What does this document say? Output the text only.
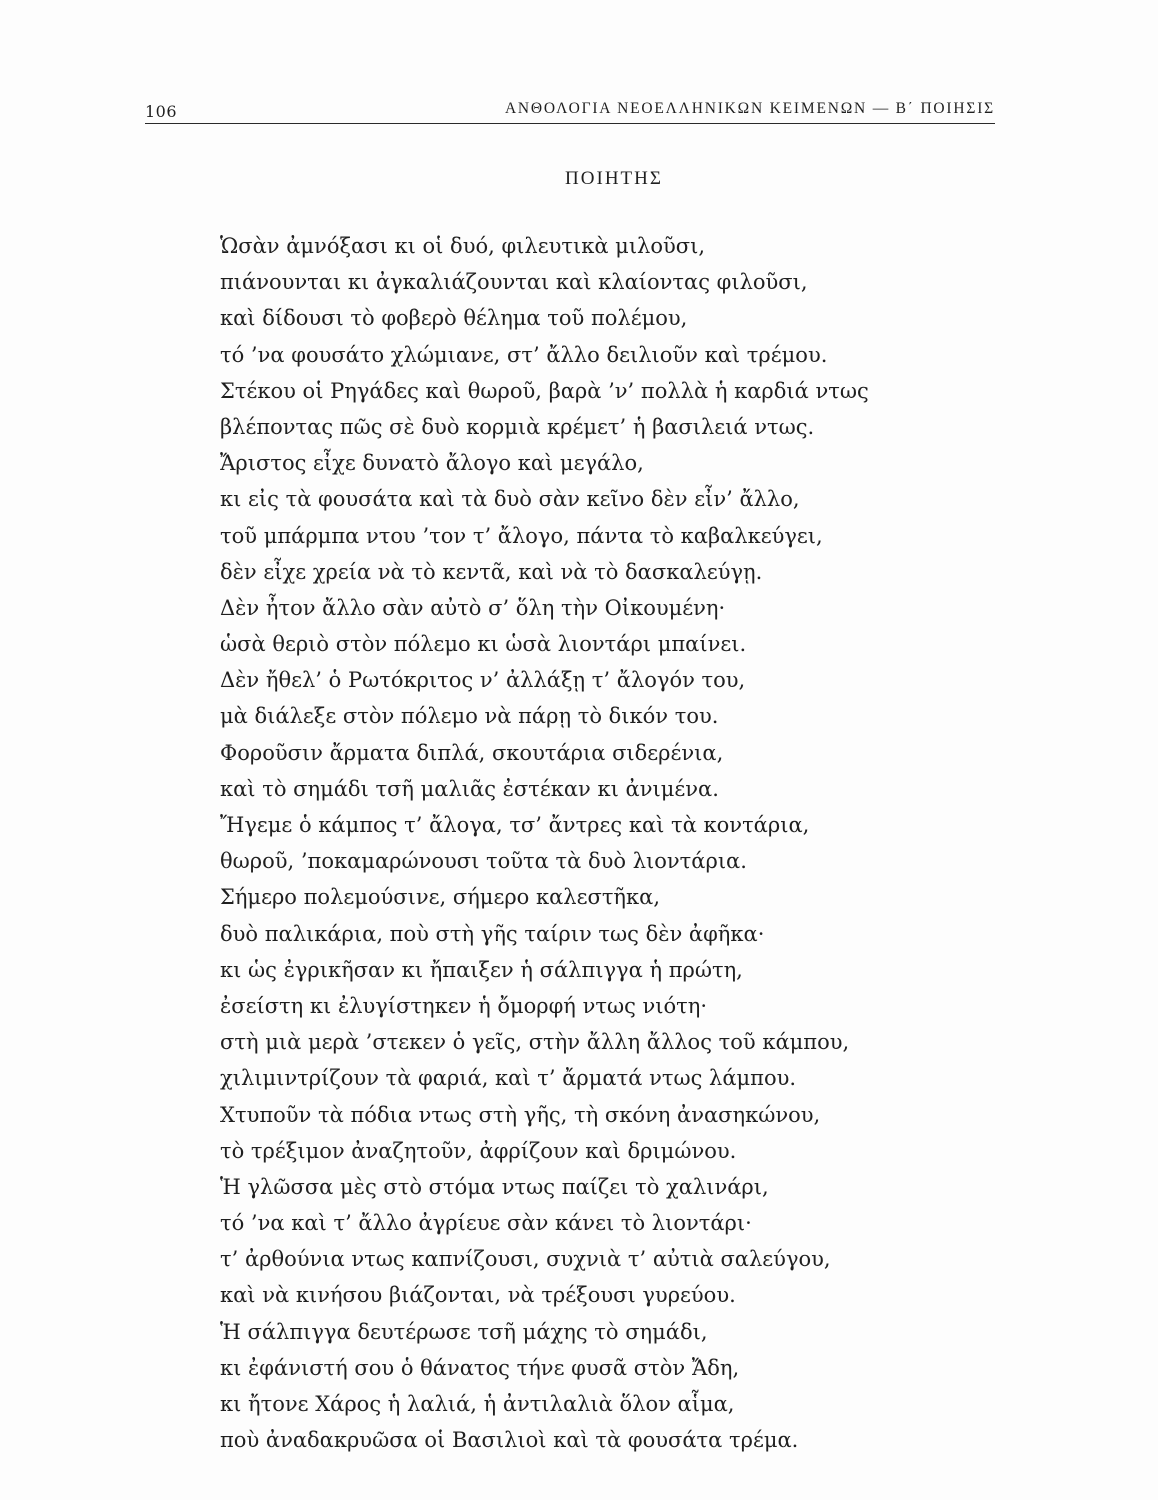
106	ΑΝΘΟΛΟΓΙΑ ΝΕΟΕΛΛΗΝΙΚΩΝ ΚΕΙΜΕΝΩΝ — Β΄ ΠΟΙΗΣΙΣ
ΠΟΙΗΤΗΣ
Ὡσὰν ἀμνόξασι κι οἱ δυό, φιλευτικὰ μιλοῦσι,
πιάνουνται κι ἀγκαλιάζουνται καὶ κλαίοντας φιλοῦσι,
καὶ δίδουσι τὸ φοβερὸ θέλημα τοῦ πολέμου,
τό ’να φουσάτο χλώμιανε, στ’ ἄλλο δειλιοῦν καὶ τρέμου.
Στέκου οἱ Ρηγάδες καὶ θωροῦ, βαρὰ ’ν’ πολλὰ ἡ καρδιά ντως
βλέποντας πῶς σὲ δυὸ κορμιὰ κρέμετ’ ἡ βασιλειά ντως.
Ἄριστος εἶχε δυνατὸ ἄλογο καὶ μεγάλο,
κι εἰς τὰ φουσάτα καὶ τὰ δυὸ σὰν κεῖνο δὲν εἶν’ ἄλλο,
τοῦ μπάρμπα ντου ’τον τ’ ἄλογο, πάντα τὸ καβαλκεύγει,
δὲν εἶχε χρεία νὰ τὸ κεντᾶ, καὶ νὰ τὸ δασκαλεύγῃ.
Δὲν ἦτον ἄλλο σὰν αὐτὸ σ’ ὅλη τὴν Οἰκουμένη·
ὡσὰ θεριὸ στὸν πόλεμο κι ὡσὰ λιοντάρι μπαίνει.
Δὲν ἤθελ’ ὁ Ρωτόκριτος ν’ ἀλλάξῃ τ’ ἄλογόν του,
μὰ διάλεξε στὸν πόλεμο νὰ πάρῃ τὸ δικόν του.
Φοροῦσιν ἄρματα διπλά, σκουτάρια σιδερένια,
καὶ τὸ σημάδι τσῆ μαλιᾶς ἐστέκαν κι ἀνιμένα.
Ἤγεμε ὁ κάμπος τ’ ἄλογα, τσ’ ἄντρες καὶ τὰ κοντάρια,
θωροῦ, ’ποκαμαρώνουσι τοῦτα τὰ δυὸ λιοντάρια.
Σήμερο πολεμούσινε, σήμερο καλεστῆκα,
δυὸ παλικάρια, ποὺ στὴ γῆς ταίριν τως δὲν ἀφῆκα·
κι ὡς ἐγρικῆσαν κι ἤπαιξεν ἡ σάλπιγγα ἡ πρώτη,
ἐσείστη κι ἐλυγίστηκεν ἡ ὄμορφή ντως νιότη·
στὴ μιὰ μερὰ ’στεκεν ὁ γεῖς, στὴν ἄλλη ἄλλος τοῦ κάμπου,
χιλιμιντρίζουν τὰ φαριά, καὶ τ’ ἄρματά ντως λάμπου.
Χτυποῦν τὰ πόδια ντως στὴ γῆς, τὴ σκόνη ἀνασηκώνου,
τὸ τρέξιμον ἀναζητοῦν, ἀφρίζουν καὶ δριμώνου.
Ἡ γλῶσσα μὲς στὸ στόμα ντως παίζει τὸ χαλινάρι,
τό ’να καὶ τ’ ἄλλο ἀγρίευε σὰν κάνει τὸ λιοντάρι·
τ’ ἀρθούνια ντως καπνίζουσι, συχνιὰ τ’ αὐτιὰ σαλεύγου,
καὶ νὰ κινήσου βιάζονται, νὰ τρέξουσι γυρεύου.
Ἡ σάλπιγγα δευτέρωσε τσῆ μάχης τὸ σημάδι,
κι ἐφάνιστή σου ὁ θάνατος τήνε φυσᾶ στὸν Ἄδη,
κι ἤτονε Χάρος ἡ λαλιά, ἡ ἀντιλαλιὰ ὅλον αἷμα,
ποὺ ἀναδακρυῶσα οἱ Βασιλιοὶ καὶ τὰ φουσάτα τρέμα.
